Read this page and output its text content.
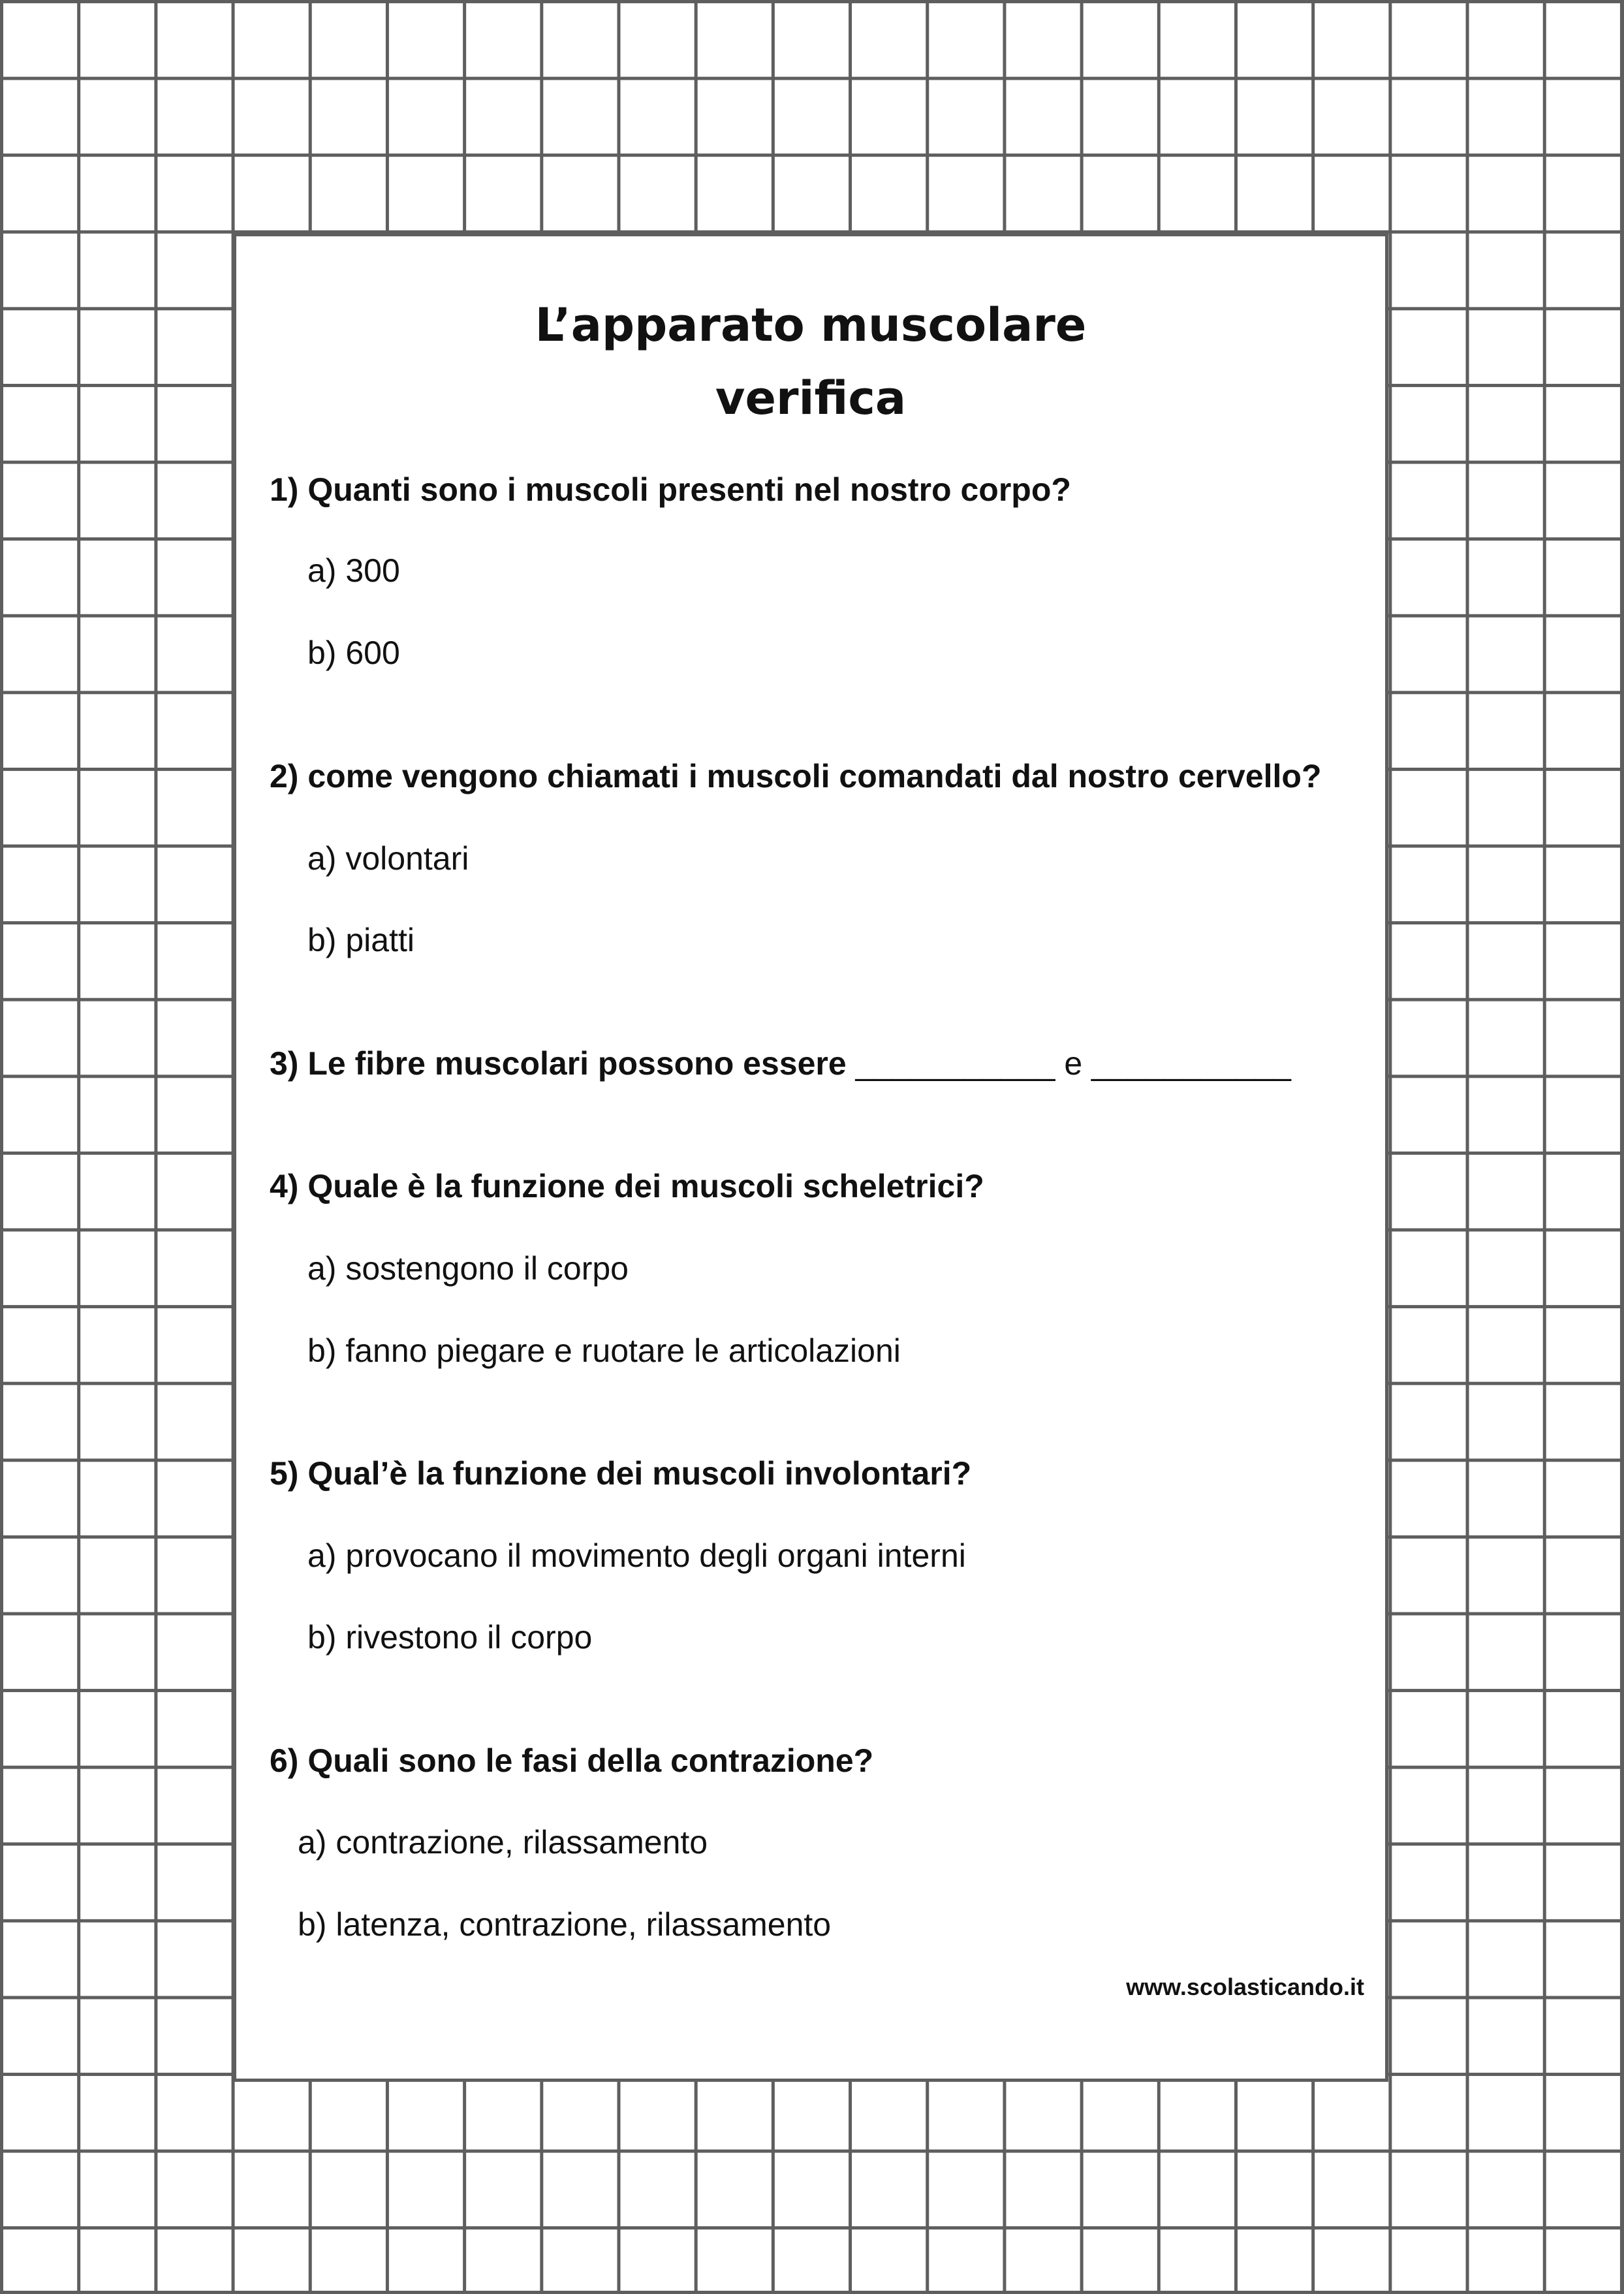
L’apparato muscolare
verifica

1) Quanti sono i muscoli presenti nel nostro corpo?

a) 300

b) 600

2) come vengono chiamati i muscoli comandati dal nostro cervello?

a) volontari

b) piatti

3) Le fibre muscolari possono essere ___________ e ___________

4) Quale è la funzione dei muscoli scheletrici?

a) sostengono il corpo

b) fanno piegare e ruotare le articolazioni

5) Qual’è la funzione dei muscoli involontari?

a) provocano il movimento degli organi interni

b) rivestono il corpo

6) Quali sono le fasi della contrazione?

a) contrazione, rilassamento

b) latenza, contrazione, rilassamento

www.scolasticando.it
